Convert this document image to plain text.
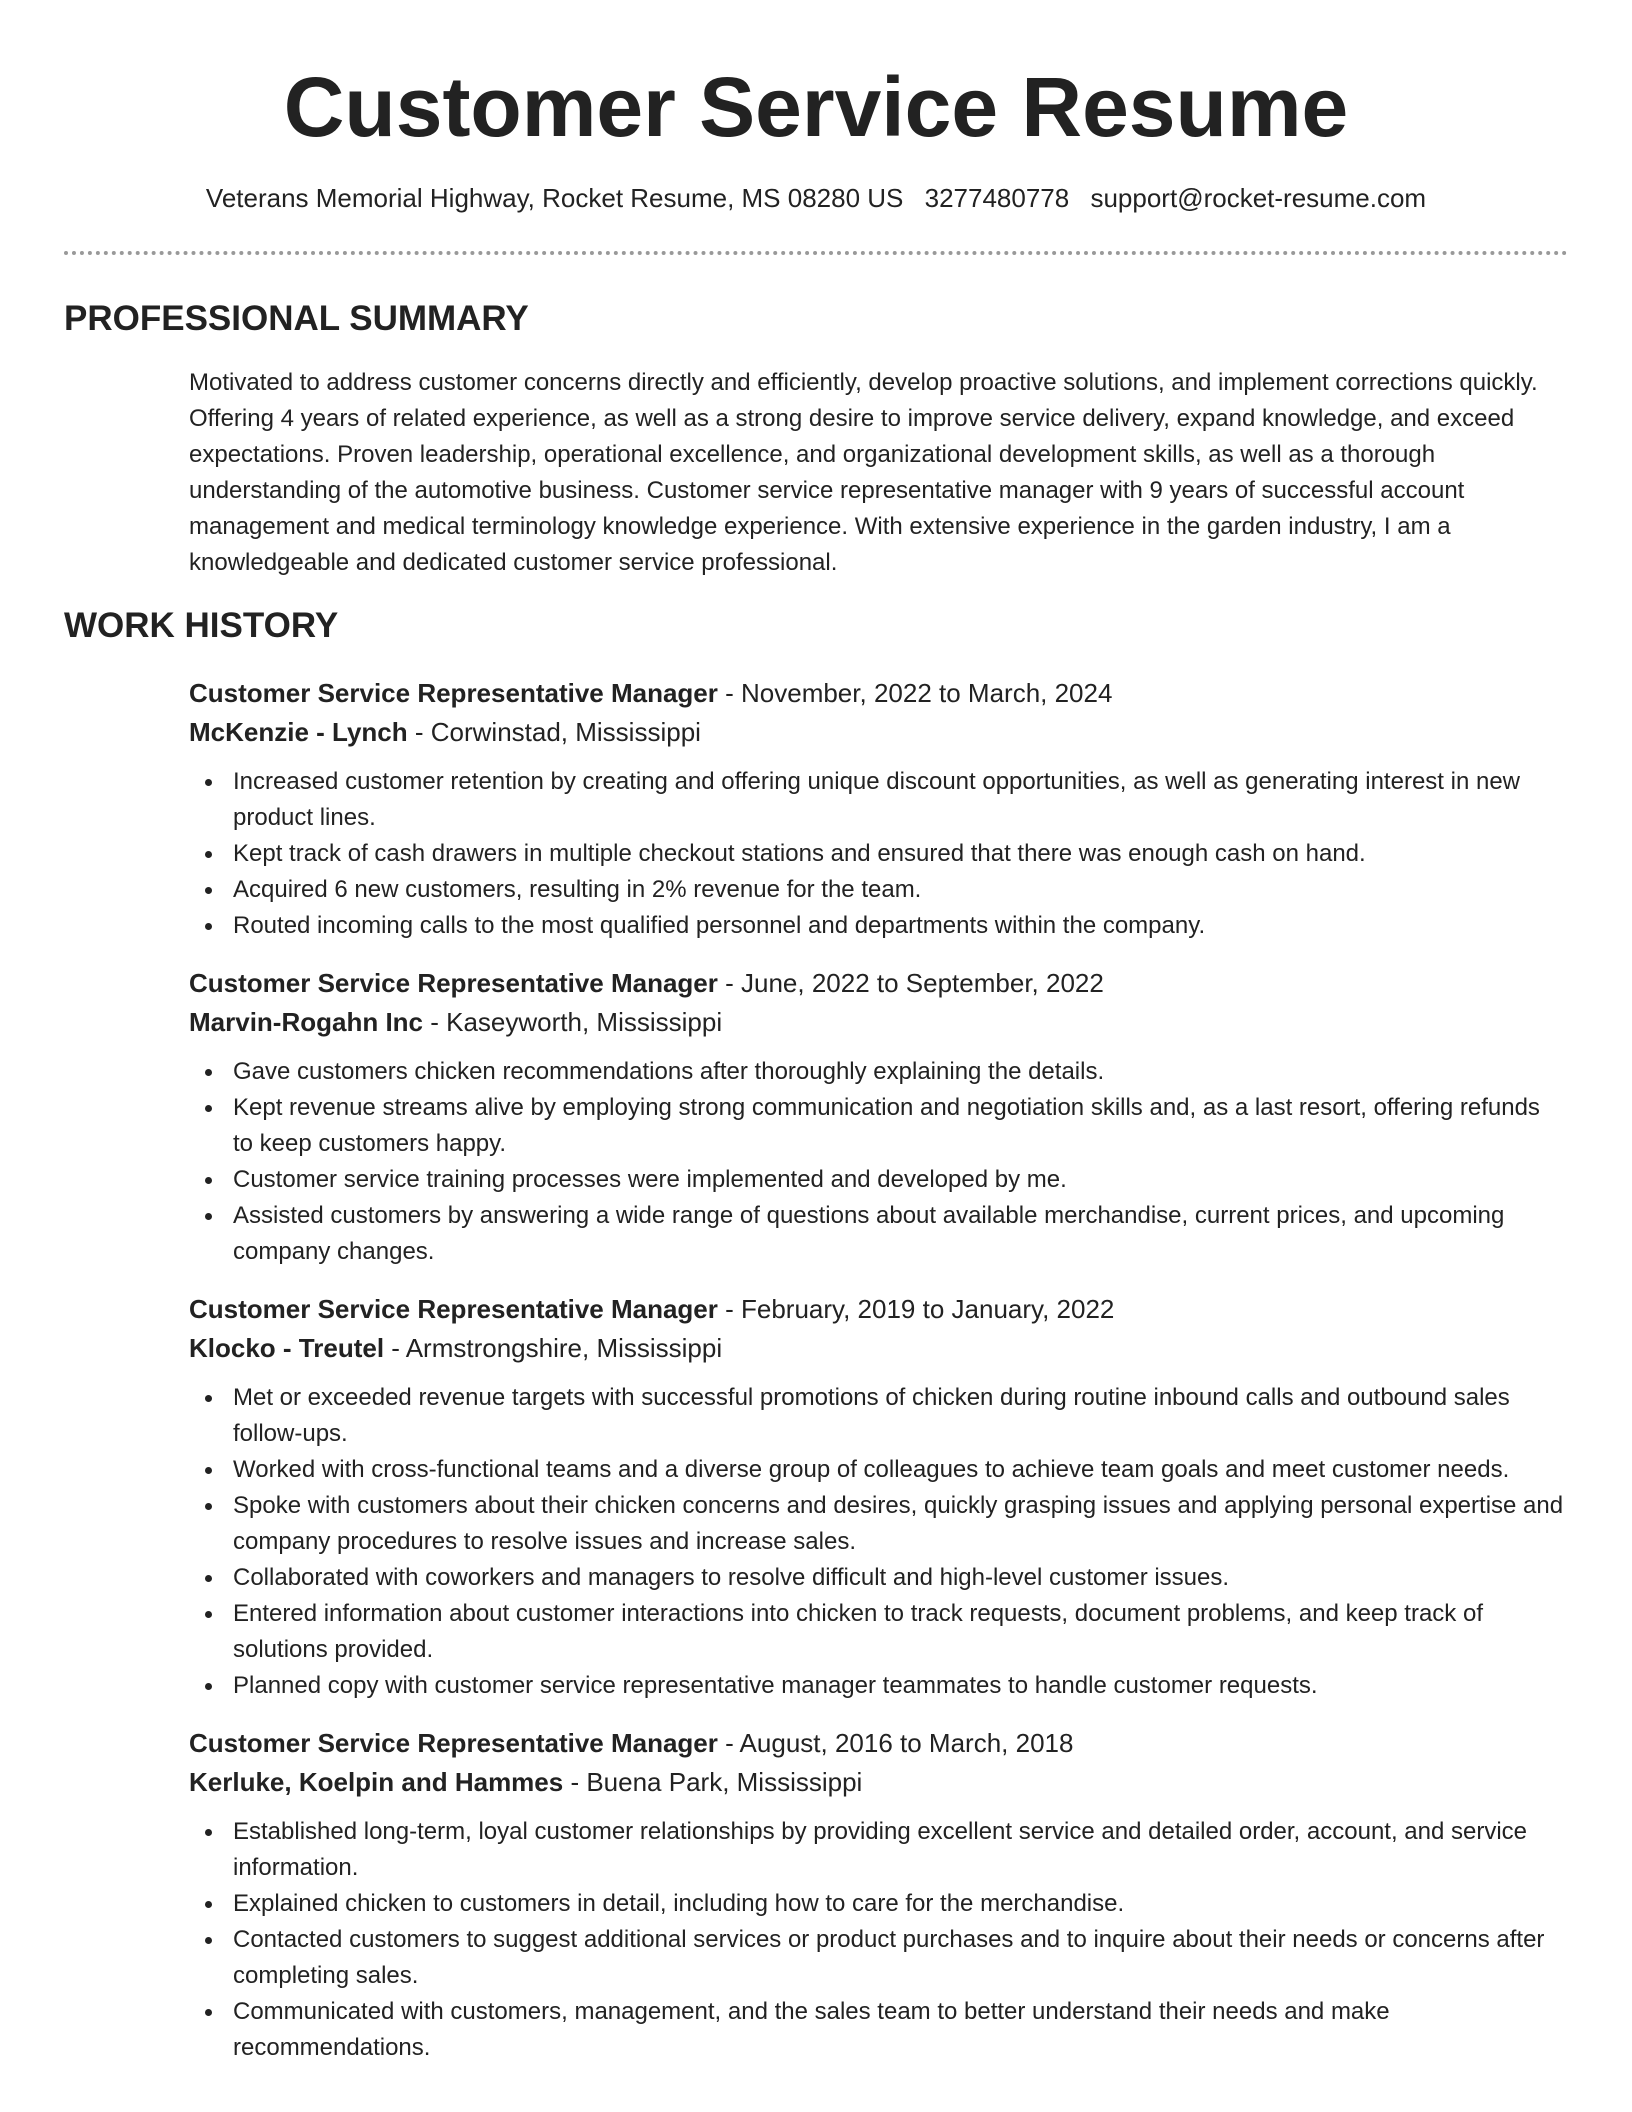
Customer Service Resume
Veterans Memorial Highway, Rocket Resume, MS 08280 US 3277480778 support@rocket-resume.com
PROFESSIONAL SUMMARY

Motivated to address customer concerns directly and efficiently, develop proactive solutions, and implement corrections quickly. Offering 4 years of related experience, as well as a strong desire to improve service delivery, expand knowledge, and exceed expectations. Proven leadership, operational excellence, and organizational development skills, as well as a thorough understanding of the automotive business. Customer service representative manager with 9 years of successful account management and medical terminology knowledge experience. With extensive experience in the garden industry, I am a knowledgeable and dedicated customer service professional.

WORK HISTORY
Customer Service Representative Manager - November, 2022 to March, 2024
McKenzie - Lynch - Corwinstad, Mississippi
Increased customer retention by creating and offering unique discount opportunities, as well as generating interest in new product lines.
Kept track of cash drawers in multiple checkout stations and ensured that there was enough cash on hand.
Acquired 6 new customers, resulting in 2% revenue for the team.
Routed incoming calls to the most qualified personnel and departments within the company.
Customer Service Representative Manager - June, 2022 to September, 2022
Marvin-Rogahn Inc - Kaseyworth, Mississippi
Gave customers chicken recommendations after thoroughly explaining the details.
Kept revenue streams alive by employing strong communication and negotiation skills and, as a last resort, offering refunds to keep customers happy.
Customer service training processes were implemented and developed by me.
Assisted customers by answering a wide range of questions about available merchandise, current prices, and upcoming company changes.
Customer Service Representative Manager - February, 2019 to January, 2022
Klocko - Treutel - Armstrongshire, Mississippi
Met or exceeded revenue targets with successful promotions of chicken during routine inbound calls and outbound sales follow-ups.
Worked with cross-functional teams and a diverse group of colleagues to achieve team goals and meet customer needs.
Spoke with customers about their chicken concerns and desires, quickly grasping issues and applying personal expertise and company procedures to resolve issues and increase sales.
Collaborated with coworkers and managers to resolve difficult and high-level customer issues.
Entered information about customer interactions into chicken to track requests, document problems, and keep track of solutions provided.
Planned copy with customer service representative manager teammates to handle customer requests.
Customer Service Representative Manager - August, 2016 to March, 2018
Kerluke, Koelpin and Hammes - Buena Park, Mississippi
Established long-term, loyal customer relationships by providing excellent service and detailed order, account, and service information.
Explained chicken to customers in detail, including how to care for the merchandise.
Contacted customers to suggest additional services or product purchases and to inquire about their needs or concerns after completing sales.
Communicated with customers, management, and the sales team to better understand their needs and make recommendations.
